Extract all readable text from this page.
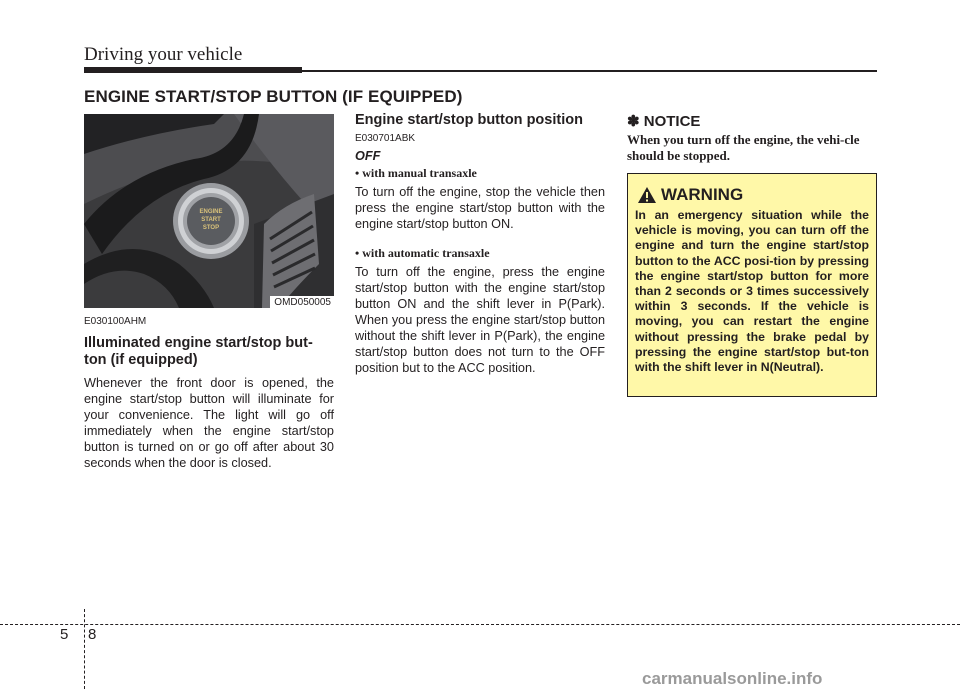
Driving your vehicle
ENGINE START/STOP BUTTON (IF EQUIPPED)
ENGINE
START
STOP
OMD050005
E030100AHM
Illuminated engine start/stop but-ton (if equipped)
Whenever the front door is opened, the engine start/stop button will illuminate for your convenience. The light will go off immediately when the engine start/stop button is turned on or go off after about 30 seconds when the door is closed.
Engine start/stop button position
E030701ABK
OFF
• with manual transaxle
To turn off the engine, stop the vehicle then press the engine start/stop button with the engine start/stop button ON.
• with automatic transaxle
To turn off the engine, press the engine start/stop button with the engine start/stop button ON and the shift lever in P(Park). When you press the engine start/stop button without the shift lever in P(Park), the engine start/stop button does not turn to the OFF position but to the ACC position.
✽ NOTICE
When you turn off the engine, the vehi-cle should be stopped.
WARNING
In an emergency situation while the vehicle is moving, you can turn off the engine and turn the engine start/stop button to the ACC posi-tion by pressing the engine start/stop button for more than 2 seconds or 3 times successively within 3 seconds. If the vehicle is moving, you can restart the engine without pressing the brake pedal by pressing the engine start/stop but-ton with the shift lever in N(Neutral).
5 8
carmanualsonline.info
